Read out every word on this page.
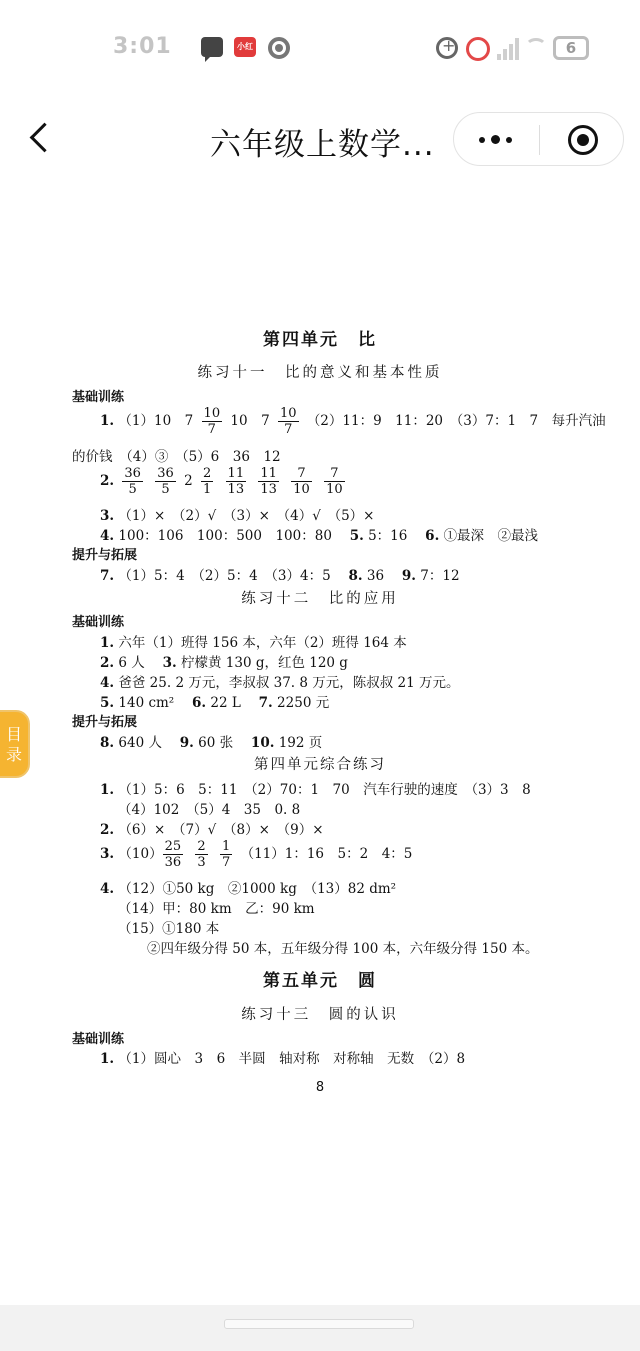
3:01	小红书
+
6
六年级上数学...
第四单元　比
练习十一　比的意义和基本性质
基础训练
1. （1）10　$7 \frac{10}{7} 10$　$7 \frac{10}{7} (2)11$：9　11：20　（3）7：1　7　每升汽油
的价钱　（4）③　（5）6　36　12
2. $\frac{36}{5}$
$\frac{36}{5} 2 \frac{2}{1}$
$\frac{11}{13}$
$\frac{11}{13}$
$\frac{7}{10}$
$\frac{7}{10}$
3. （1）×　（2）√　（3）×　（4）√　（5）×
4. 100：106　100：500　100：80　 5. 5：16　 6. ①最深　②最浅
提升与拓展
7. （1）5：4　（2）5：4　（3）4：5　 8. 36　 9. 7：12
练习十二　比的应用
基础训练
1. 六年（1）班得 156 本，六年（2）班得 164 本
2. 6 人　 3. 柠檬黄 130 g，红色 120 g
4. 爸爸 25. 2 万元，李叔叔 37. 8 万元，陈叔叔 21 万元。
5. 140 cm²　 6. 22 L　 7. 2250 元
提升与拓展
8. 640 人　 9. 60 张　 10. 192 页
第四单元综合练习
1. （1）5：6　5：11　（2）70：1　70　汽车行驶的速度　（3）3　8
（4）102　（5）4　35　0. 8
2. （6）×　（7）√　（8）×　（9）×
3. $(10) \frac{25}{36}$
$\frac{2}{3}$
$\frac{1}{7} (11)1$：16　5：2　4：5
4. （12）①50 kg　②1000 kg　（13）82 dm²
（14）甲：80 km　乙：90 km
（15）①180 本
②四年级分得 50 本，五年级分得 100 本，六年级分得 150 本。
第五单元　圆
练习十三　圆的认识
基础训练
1. （1）圆心　3　6　半圆　轴对称　对称轴　无数　（2）8
8
目
录
